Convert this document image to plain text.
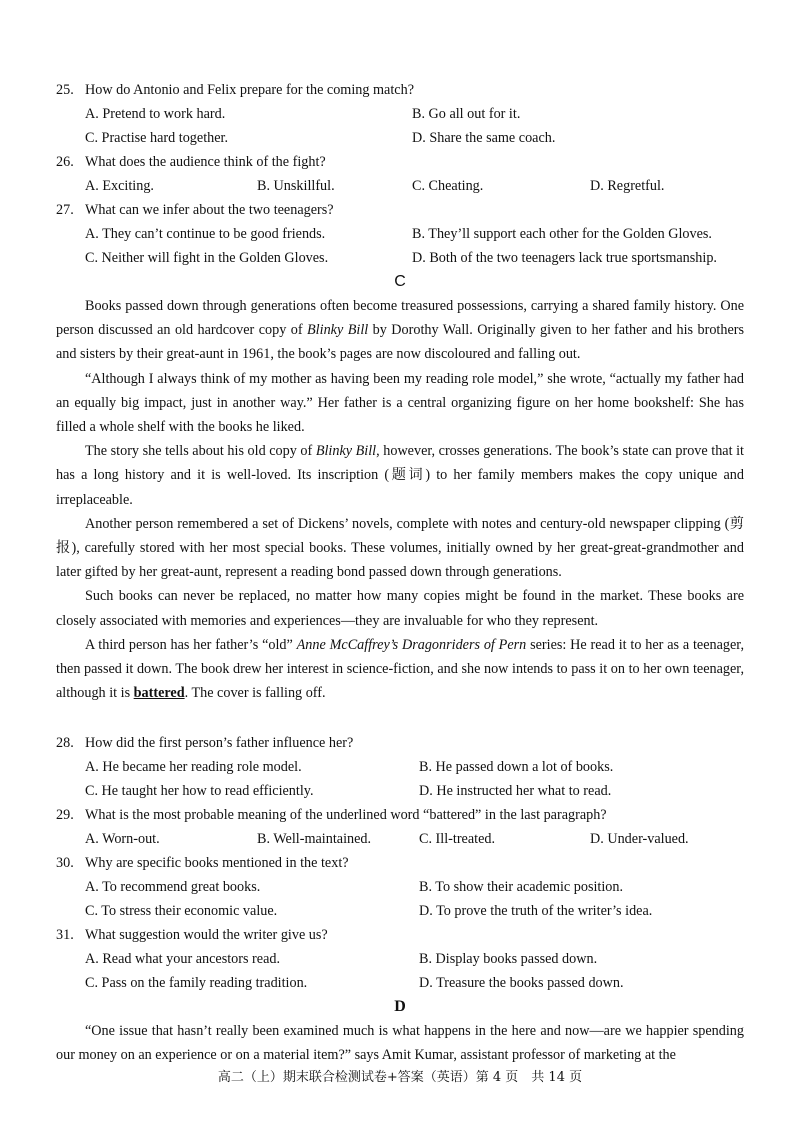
25. How do Antonio and Felix prepare for the coming match?
A. Pretend to work hard.	B. Go all out for it.
C. Practise hard together.	D. Share the same coach.
26. What does the audience think of the fight?
A. Exciting.	B. Unskillful.	C. Cheating.	D. Regretful.
27. What can we infer about the two teenagers?
A. They can’t continue to be good friends.	B. They’ll support each other for the Golden Gloves.
C. Neither will fight in the Golden Gloves.	D. Both of the two teenagers lack true sportsmanship.
C

Books passed down through generations often become treasured possessions, carrying a shared family history. One person discussed an old hardcover copy of Blinky Bill by Dorothy Wall. Originally given to her father and his brothers and sisters by their great-aunt in 1961, the book’s pages are now discoloured and falling out.

“Although I always think of my mother as having been my reading role model,” she wrote, “actually my father had an equally big impact, just in another way.” Her father is a central organizing figure on her home bookshelf: She has filled a whole shelf with the books he liked.

The story she tells about his old copy of Blinky Bill, however, crosses generations. The book’s state can prove that it has a long history and it is well-loved. Its inscription (题词) to her family members makes the copy unique and irreplaceable.

Another person remembered a set of Dickens’ novels, complete with notes and century-old newspaper clipping (剪报), carefully stored with her most special books. These volumes, initially owned by her great-great-grandmother and later gifted by her great-aunt, represent a reading bond passed down through generations.

Such books can never be replaced, no matter how many copies might be found in the market. These books are closely associated with memories and experiences—they are invaluable for who they represent.

A third person has her father’s “old” Anne McCaffrey’s Dragonriders of Pern series: He read it to her as a teenager, then passed it down. The book drew her interest in science-fiction, and she now intends to pass it on to her own teenager, although it is battered. The cover is falling off.

28. How did the first person’s father influence her?
A. He became her reading role model.	B. He passed down a lot of books.
C. He taught her how to read efficiently.	D. He instructed her what to read.
29. What is the most probable meaning of the underlined word “battered” in the last paragraph?
A. Worn-out.	B. Well-maintained.	C. Ill-treated.	D. Under-valued.
30. Why are specific books mentioned in the text?
A. To recommend great books.	B. To show their academic position.
C. To stress their economic value.	D. To prove the truth of the writer’s idea.
31. What suggestion would the writer give us?
A. Read what your ancestors read.	B. Display books passed down.
C. Pass on the family reading tradition.	D. Treasure the books passed down.
D

“One issue that hasn’t really been examined much is what happens in the here and now—are we happier spending our money on an experience or on a material item?” says Amit Kumar, assistant professor of marketing at the

高二（上）期末联合检测试卷+答案（英语）第 4 页　共 14 页
